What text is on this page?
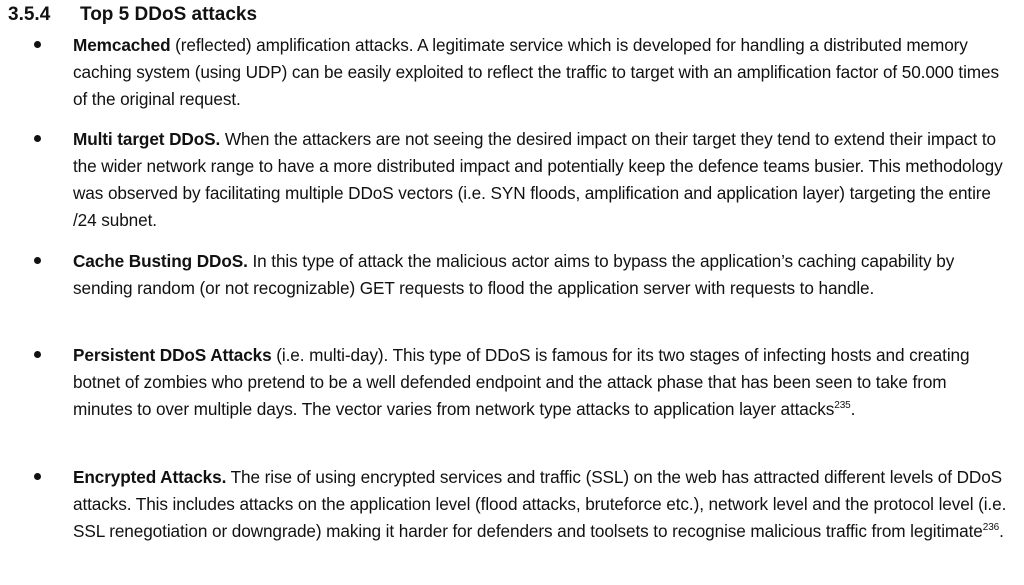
3.5.4 Top 5 DDoS attacks
Memcached (reflected) amplification attacks. A legitimate service which is developed for handling a distributed memory caching system (using UDP) can be easily exploited to reflect the traffic to target with an amplification factor of 50.000 times of the original request.
Multi target DDoS. When the attackers are not seeing the desired impact on their target they tend to extend their impact to the wider network range to have a more distributed impact and potentially keep the defence teams busier. This methodology was observed by facilitating multiple DDoS vectors (i.e. SYN floods, amplification and application layer) targeting the entire /24 subnet.
Cache Busting DDoS. In this type of attack the malicious actor aims to bypass the application’s caching capability by sending random (or not recognizable) GET requests to flood the application server with requests to handle.
Persistent DDoS Attacks (i.e. multi-day). This type of DDoS is famous for its two stages of infecting hosts and creating botnet of zombies who pretend to be a well defended endpoint and the attack phase that has been seen to take from minutes to over multiple days. The vector varies from network type attacks to application layer attacks$^{235}$.
Encrypted Attacks. The rise of using encrypted services and traffic (SSL) on the web has attracted different levels of DDoS attacks. This includes attacks on the application level (flood attacks, bruteforce etc.), network level and the protocol level (i.e. SSL renegotiation or downgrade) making it harder for defenders and toolsets to recognise malicious traffic from legitimate$^{236}$.
